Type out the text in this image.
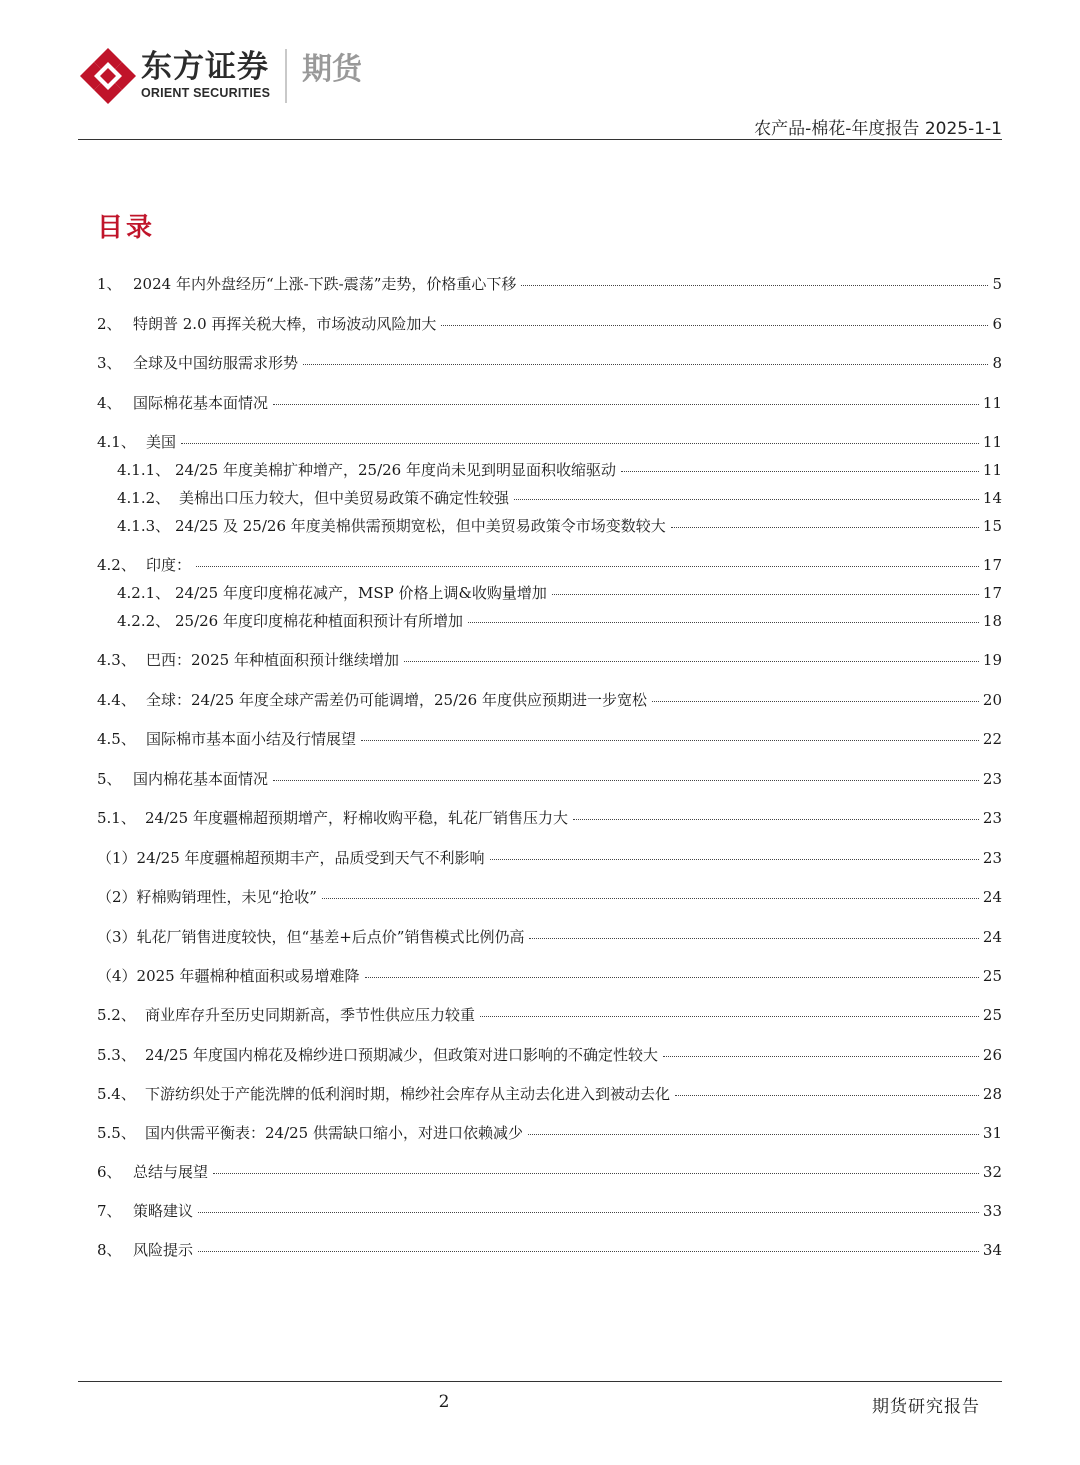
东方证券
ORIENT SECURITIES
期货
农产品-棉花-年度报告 2025-1-1
目录
1、 2024 年内外盘经历“上涨-下跌-震荡”走势，价格重心下移	5
2、 特朗普 2.0 再挥关税大棒，市场波动风险加大	6
3、 全球及中国纺服需求形势	8
4、 国际棉花基本面情况	11
4.1、 美国	11
4.1.1、 24/25 年度美棉扩种增产，25/26 年度尚未见到明显面积收缩驱动	11
4.1.2、 美棉出口压力较大，但中美贸易政策不确定性较强	14
4.1.3、 24/25 及 25/26 年度美棉供需预期宽松，但中美贸易政策令市场变数较大	15
4.2、 印度：	17
4.2.1、 24/25 年度印度棉花减产，MSP 价格上调&收购量增加	17
4.2.2、 25/26 年度印度棉花种植面积预计有所增加	18
4.3、 巴西：2025 年种植面积预计继续增加	19
4.4、 全球：24/25 年度全球产需差仍可能调增，25/26 年度供应预期进一步宽松	20
4.5、 国际棉市基本面小结及行情展望	22
5、 国内棉花基本面情况	23
5.1、 24/25 年度疆棉超预期增产，籽棉收购平稳，轧花厂销售压力大	23
（1）24/25 年度疆棉超预期丰产，品质受到天气不利影响	23
（2）籽棉购销理性，未见“抢收”	24
（3）轧花厂销售进度较快，但“基差+后点价”销售模式比例仍高	24
（4）2025 年疆棉种植面积或易增难降	25
5.2、 商业库存升至历史同期新高，季节性供应压力较重	25
5.3、 24/25 年度国内棉花及棉纱进口预期减少，但政策对进口影响的不确定性较大	26
5.4、 下游纺织处于产能洗牌的低利润时期，棉纱社会库存从主动去化进入到被动去化	28
5.5、 国内供需平衡表：24/25 供需缺口缩小，对进口依赖减少	31
6、 总结与展望	32
7、 策略建议	33
8、 风险提示	34
2	期货研究报告
